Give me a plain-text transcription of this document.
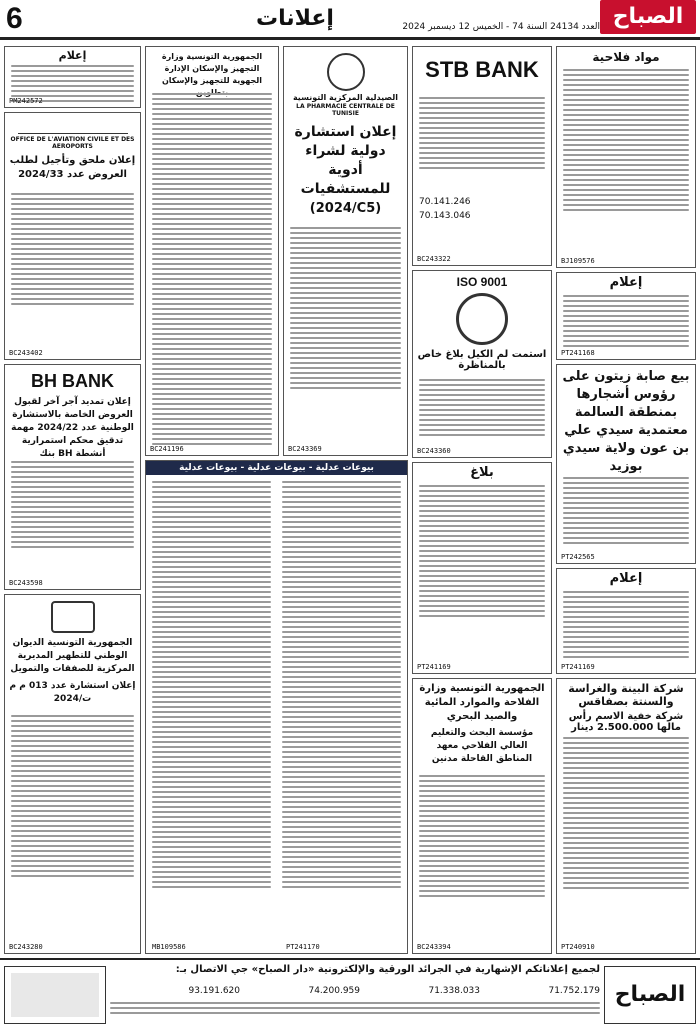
6	إعلانات	العدد 24134 السنة 74 - الخميس 12 ديسمبر 2024 الصباح
مواد فلاحية
BJ109576
إعلام
PT241168
بيع صابة زيتون على رؤوس أشجارها بمنطقة السالمة معتمدية سيدي علي بن عون ولاية سيدي بوزيد
PT242565
إعلام
PT241169
شركة البينة والغراسة والسنتة بصفاقس
شركة خفية الاسم رأس مالها 2.500.000 دينار
PT240910
STB BANK
70.141.246
70.143.046
BC243322
ISO 9001
استمت لم الكيل بلاغ خاص بالمناظرة
BC243360
بلاغ
PT241169
الجمهورية التونسية وزارة الفلاحة والموارد المائية والصيد البحري
مؤسسة البحث والتعليم العالي الفلاحي معهد المناطق القاحلة مدنين
BC243394
الصيدلية المركزية التونسية
LA PHARMACIE CENTRALE DE TUNISIE
إعلان استشارة دولية لشراء أدوية للمستشفيات
(2024/C5)
BC243369
الجمهورية التونسية وزارة التجهيز والإسكان الإدارة الجهوية للتجهيز والإسكان
BC241196
بيوعات عدلية - بيوعات عدلية - بيوعات عدلية
MB109586	PT241170
إعلام
PM242572
OFFICE DE L'AVIATION CIVILE ET DES AEROPORTS
إعلان ملحق وتأجيل لطلب العروض عدد 2024/33
BC243402
BH BANK
إعلان تمديد آجر آخر لقبول العروض الخاصة بالاستشارة الوطنية عدد 2024/22 مهمة تدقيق محكم استمرارية أنشطة BH بنك
BC243598
الجمهورية التونسية الديوان الوطني للتطهير المديرية المركزية للصفقات والتمويل
إعلان استشارة عدد 013 م م ت/2024
BC243280
الصباح
لجميع إعلاناتكم الإشهارية في الجرائد الورقية والإلكترونية «دار الصباح» جي الاتصال بـ:
71.752.179
71.338.033
74.200.959
93.191.620
